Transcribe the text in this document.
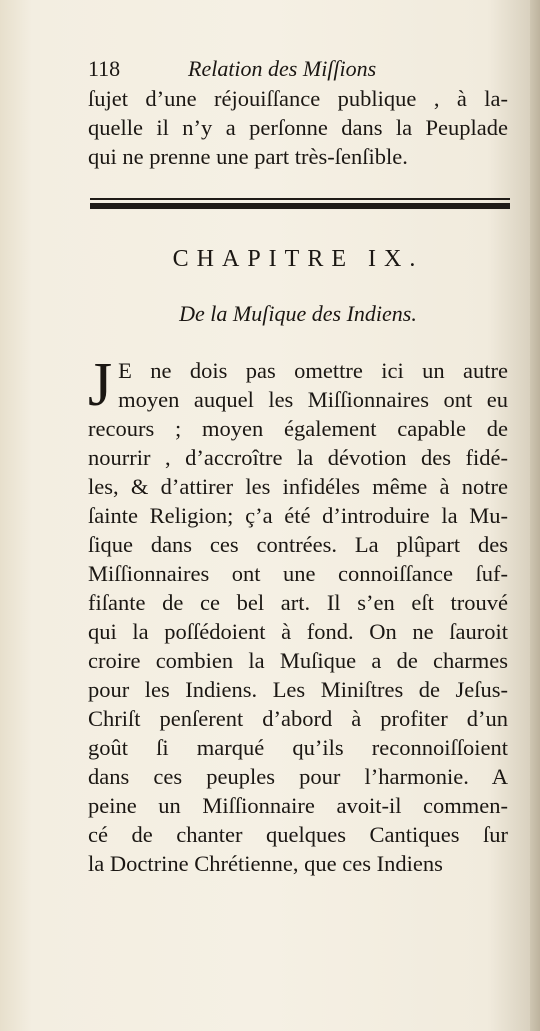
118	Relation des Miſſions
ſujet d’une réjouiſſance publique , à la-
quelle il n’y a perſonne dans la Peuplade
qui ne prenne une part très-ſenſible.
CHAPITRE IX.
De la Muſique des Indiens.
J E ne dois pas omettre ici un autre
moyen auquel les Miſſionnaires ont eu
recours ; moyen également capable de
nourrir , d’accroître la dévotion des fidé-
les, & d’attirer les infidéles même à notre
ſainte Religion; ç’a été d’introduire la Mu-
ſique dans ces contrées. La plûpart des
Miſſionnaires ont une connoiſſance ſuf-
fiſante de ce bel art. Il s’en eſt trouvé
qui la poſſédoient à fond. On ne ſauroit
croire combien la Muſique a de charmes
pour les Indiens. Les Miniſtres de Jeſus-
Chriſt penſerent d’abord à profiter d’un
goût ſi marqué qu’ils reconnoiſſoient
dans ces peuples pour l’harmonie. A
peine un Miſſionnaire avoit-il commen-
cé de chanter quelques Cantiques ſur
la Doctrine Chrétienne, que ces Indiens
